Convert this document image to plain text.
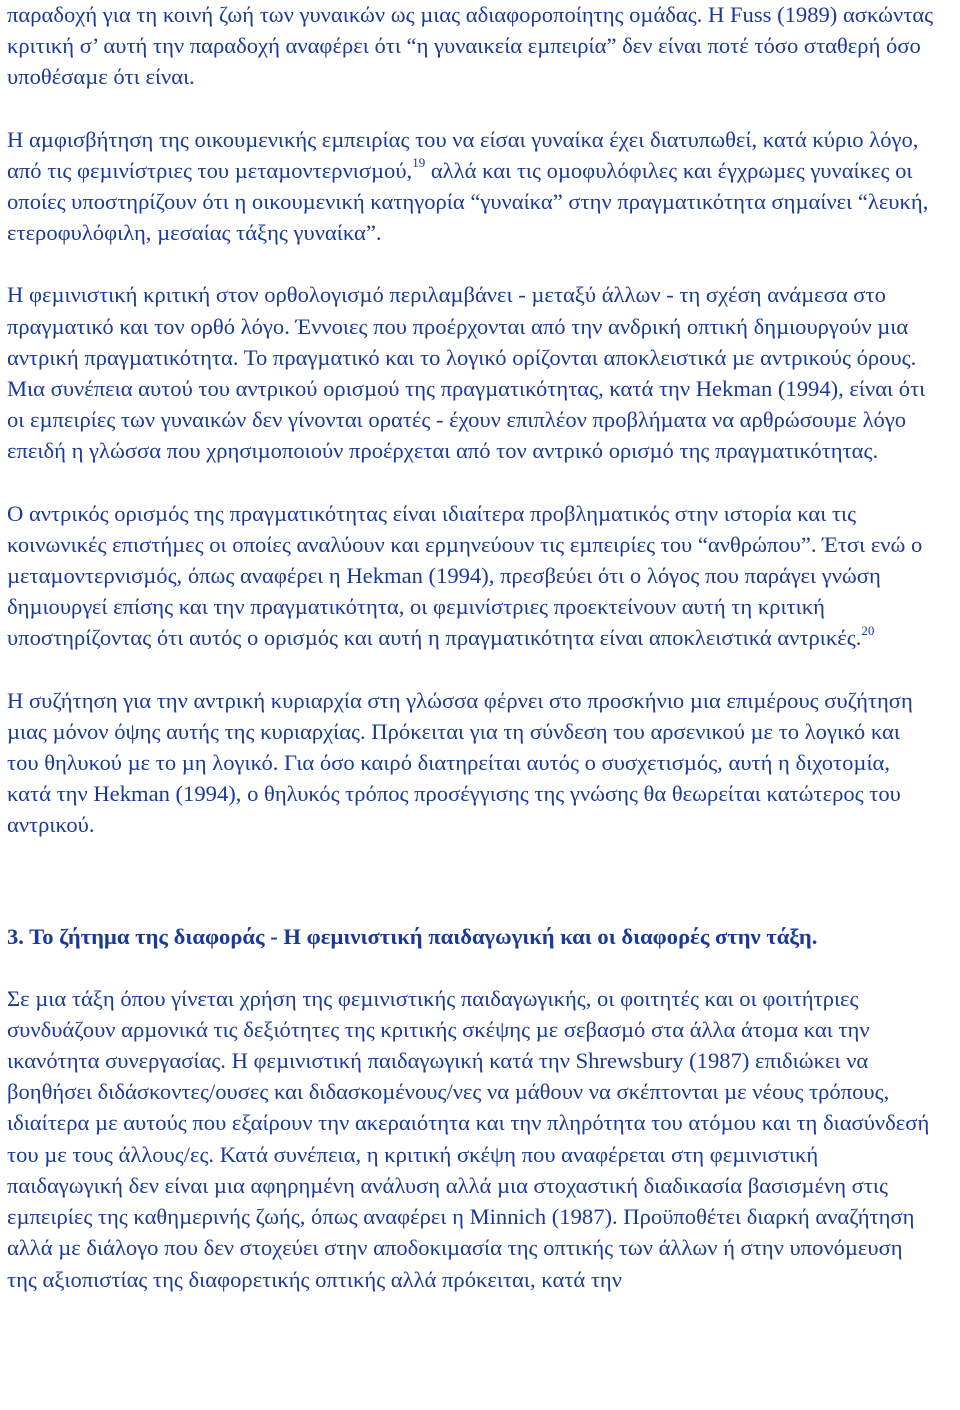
παραδοχή για τη κοινή ζωή των γυναικών ως µιας αδιαφοροποίητης οµάδας. Η Fuss (1989) ασκώντας κριτική σ’ αυτή την παραδοχή αναφέρει ότι “η γυναικεία εµπειρία” δεν είναι ποτέ τόσο σταθερή όσο υποθέσαµε ότι είναι.

Η αµφισβήτηση της οικουµενικής εµπειρίας του να είσαι γυναίκα έχει διατυπωθεί, κατά κύριο λόγο, από τις φεµινίστριες του µεταµοντερνισµού,$^{19}$ αλλά και τις οµοφυλόφιλες και έγχρωµες γυναίκες οι οποίες υποστηρίζουν ότι η οικουµενική κατηγορία “γυναίκα” στην πραγµατικότητα σηµαίνει “λευκή, ετεροφυλόφιλη, µεσαίας τάξης γυναίκα”.

Η φεµινιστική κριτική στον ορθολογισµό περιλαµβάνει - µεταξύ άλλων - τη σχέση ανάµεσα στο πραγµατικό και τον ορθό λόγο. Έννοιες που προέρχονται από την ανδρική οπτική δηµιουργούν µια αντρική πραγµατικότητα. Το πραγµατικό και το λογικό ορίζονται αποκλειστικά µε αντρικούς όρους. Μια συνέπεια αυτού του αντρικού ορισµού της πραγµατικότητας, κατά την Hekman (1994), είναι ότι οι εµπειρίες των γυναικών δεν γίνονται ορατές - έχουν επιπλέον προβλήµατα να αρθρώσουµε λόγο επειδή η γλώσσα που χρησιµοποιούν προέρχεται από τον αντρικό ορισµό της πραγµατικότητας.

Ο αντρικός ορισµός της πραγµατικότητας είναι ιδιαίτερα προβληµατικός στην ιστορία και τις κοινωνικές επιστήµες οι οποίες αναλύουν και ερµηνεύουν τις εµπειρίες του “ανθρώπου”. Έτσι ενώ ο µεταµοντερνισµός, όπως αναφέρει η Hekman (1994), πρεσβεύει ότι ο λόγος που παράγει γνώση δηµιουργεί επίσης και την πραγµατικότητα, οι φεµινίστριες προεκτείνουν αυτή τη κριτική υποστηρίζοντας ότι αυτός ο ορισµός και αυτή η πραγµατικότητα είναι αποκλειστικά αντρικές.$^{20}$

Η συζήτηση για την αντρική κυριαρχία στη γλώσσα φέρνει στο προσκήνιο µια επιµέρους συζήτηση µιας µόνον όψης αυτής της κυριαρχίας. Πρόκειται για τη σύνδεση του αρσενικού µε το λογικό και του θηλυκού µε το µη λογικό. Για όσο καιρό διατηρείται αυτός ο συσχετισµός, αυτή η διχοτοµία, κατά την Hekman (1994), ο θηλυκός τρόπος προσέγγισης της γνώσης θα θεωρείται κατώτερος του αντρικού.

3. Το ζήτηµα της διαφοράς - Η φεµινιστική παιδαγωγική και οι διαφορές στην τάξη.

Σε µια τάξη όπου γίνεται χρήση της φεµινιστικής παιδαγωγικής, οι φοιτητές και οι φοιτήτριες συνδυάζουν αρµονικά τις δεξιότητες της κριτικής σκέψης µε σεβασµό στα άλλα άτοµα και την ικανότητα συνεργασίας. Η φεµινιστική παιδαγωγική κατά την Shrewsbury (1987) επιδιώκει να βοηθήσει διδάσκοντες/ουσες και διδασκοµένους/νες να µάθουν να σκέπτονται µε νέους τρόπους, ιδιαίτερα µε αυτούς που εξαίρουν την ακεραιότητα και την πληρότητα του ατόµου και τη διασύνδεσή του µε τους άλλους/ες. Κατά συνέπεια, η κριτική σκέψη που αναφέρεται στη φεµινιστική παιδαγωγική δεν είναι µια αφηρηµένη ανάλυση αλλά µια στοχαστική διαδικασία βασισµένη στις εµπειρίες της καθηµερινής ζωής, όπως αναφέρει η Minnich (1987). Προϋποθέτει διαρκή αναζήτηση αλλά µε διάλογο που δεν στοχεύει στην αποδοκιµασία της οπτικής των άλλων ή στην υπονόµευση της αξιοπιστίας της διαφορετικής οπτικής αλλά πρόκειται, κατά την
